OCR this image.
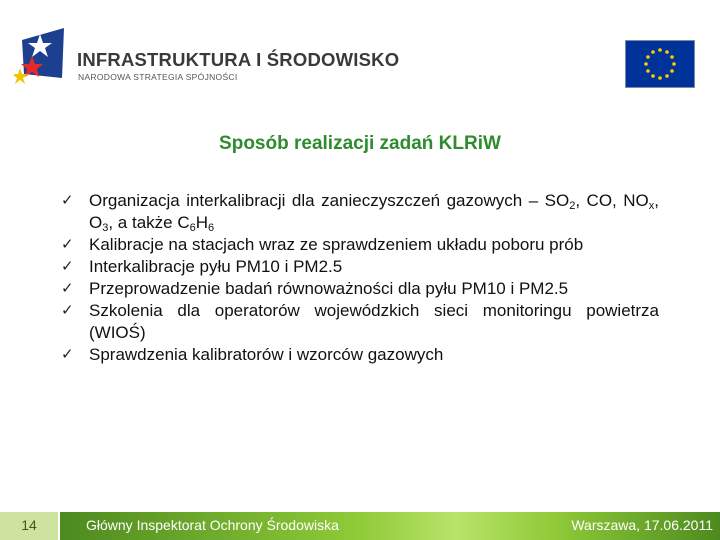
INFRASTRUKTURA I ŚRODOWISKO
NARODOWA STRATEGIA SPÓJNOŚCI
Sposób realizacji zadań KLRiW
✓ Organizacja interkalibracji dla zanieczyszczeń gazowych – $SO_2$, CO, $NO_x$, $O_3$, a także $C_6H_6$
✓ Kalibracje na stacjach wraz ze sprawdzeniem układu poboru prób
✓ Interkalibracje pyłu PM10 i PM2.5
✓ Przeprowadzenie badań równoważności dla pyłu PM10 i PM2.5
✓ Szkolenia dla operatorów wojewódzkich sieci monitoringu powietrza (WIOŚ)
✓ Sprawdzenia kalibratorów i wzorców gazowych
14	Główny Inspektorat Ochrony Środowiska	Warszawa, 17.06.2011
